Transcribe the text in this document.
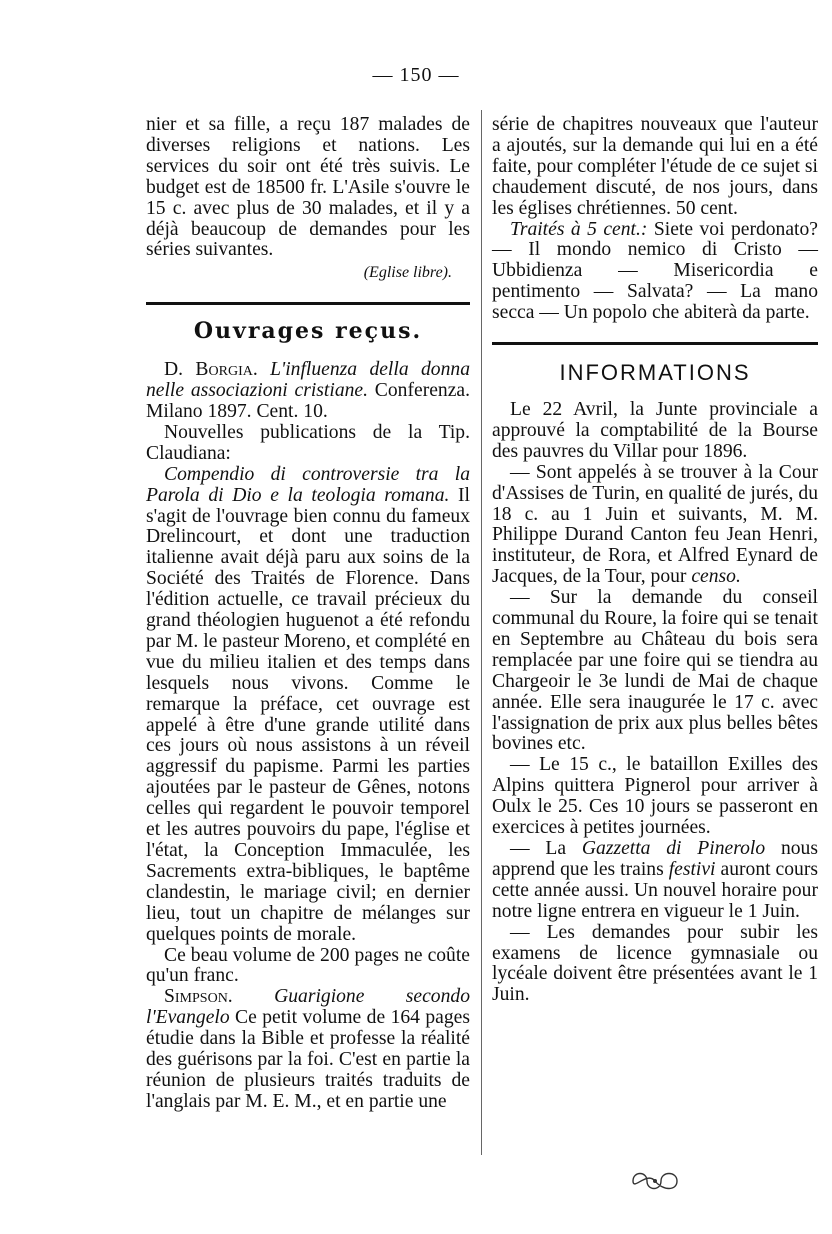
— 150 —

nier et sa fille, a reçu 187 malades de diverses religions et nations. Les services du soir ont été très suivis. Le budget est de 18500 fr. L'Asile s'ouvre le 15 c. avec plus de 30 malades, et il y a déjà beaucoup de demandes pour les séries suivantes.

(Eglise libre).
Ouvrages reçus.

D. Borgia. L'influenza della donna nelle associazioni cristiane. Conferenza. Milano 1897. Cent. 10.

Nouvelles publications de la Tip. Claudiana:

Compendio di controversie tra la Parola di Dio e la teologia romana. Il s'agit de l'ouvrage bien connu du fameux Drelincourt, et dont une traduction italienne avait déjà paru aux soins de la Société des Traités de Florence. Dans l'édition actuelle, ce travail précieux du grand théologien huguenot a été refondu par M. le pasteur Moreno, et complété en vue du milieu italien et des temps dans lesquels nous vivons. Comme le remarque la préface, cet ouvrage est appelé à être d'une grande utilité dans ces jours où nous assistons à un réveil aggressif du papisme. Parmi les parties ajoutées par le pasteur de Gênes, notons celles qui regardent le pouvoir temporel et les autres pouvoirs du pape, l'église et l'état, la Conception Immaculée, les Sacrements extra-bibliques, le baptême clandestin, le mariage civil; en dernier lieu, tout un chapitre de mélanges sur quelques points de morale.

Ce beau volume de 200 pages ne coûte qu'un franc.

Simpson. Guarigione secondo l'Evangelo Ce petit volume de 164 pages étudie dans la Bible et professe la réalité des guérisons par la foi. C'est en partie la réunion de plusieurs traités traduits de l'anglais par M. E. M., et en partie une

série de chapitres nouveaux que l'auteur a ajoutés, sur la demande qui lui en a été faite, pour compléter l'étude de ce sujet si chaudement discuté, de nos jours, dans les églises chrétiennes. 50 cent.

Traités à 5 cent.: Siete voi perdonato? — Il mondo nemico di Cristo — Ubbidienza — Misericordia e pentimento — Salvata? — La mano secca — Un popolo che abiterà da parte.

INFORMATIONS

Le 22 Avril, la Junte provinciale a approuvé la comptabilité de la Bourse des pauvres du Villar pour 1896.

— Sont appelés à se trouver à la Cour d'Assises de Turin, en qualité de jurés, du 18 c. au 1 Juin et suivants, M. M. Philippe Durand Canton feu Jean Henri, instituteur, de Rora, et Alfred Eynard de Jacques, de la Tour, pour censo.

— Sur la demande du conseil communal du Roure, la foire qui se tenait en Septembre au Château du bois sera remplacée par une foire qui se tiendra au Chargeoir le 3e lundi de Mai de chaque année. Elle sera inaugurée le 17 c. avec l'assignation de prix aux plus belles bêtes bovines etc.

— Le 15 c., le bataillon Exilles des Alpins quittera Pignerol pour arriver à Oulx le 25. Ces 10 jours se passeront en exercices à petites journées.

— La Gazzetta di Pinerolo nous apprend que les trains festivi auront cours cette année aussi. Un nouvel horaire pour notre ligne entrera en vigueur le 1 Juin.

— Les demandes pour subir les examens de licence gymnasiale ou lycéale doivent être présentées avant le 1 Juin.
